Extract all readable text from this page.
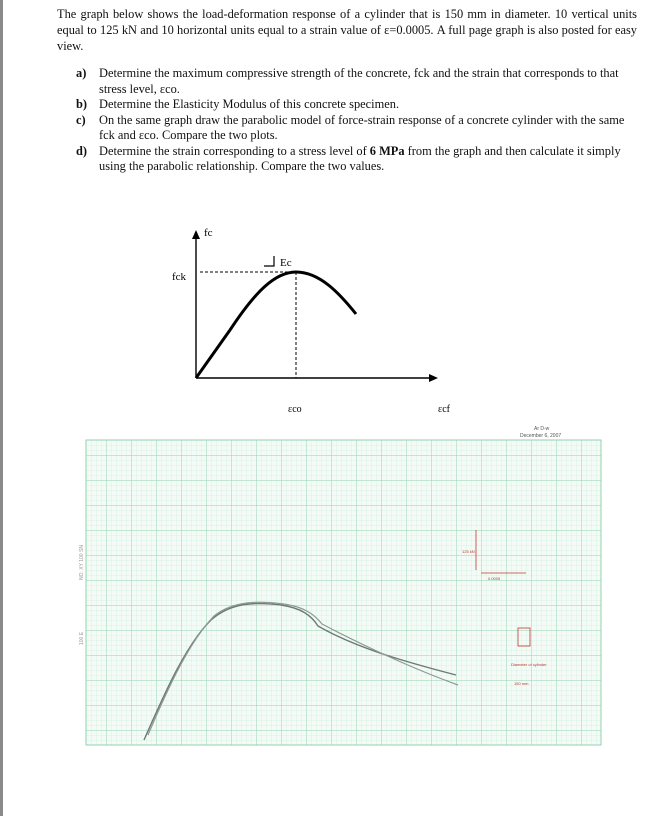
The graph below shows the load-deformation response of a cylinder that is 150 mm in diameter. 10 vertical units equal to 125 kN and 10 horizontal units equal to a strain value of ε=0.0005. A full page graph is also posted for easy view.

a) Determine the maximum compressive strength of the concrete, fck and the strain that corresponds to that stress level, εco.
b) Determine the Elasticity Modulus of this concrete specimen.
c) On the same graph draw the parabolic model of force-strain response of a concrete cylinder with the same fck and εco. Compare the two plots.
d) Determine the strain corresponding to a stress level of 6 MPa from the graph and then calculate it simply using the parabolic relationship. Compare the two values.
fc
fck
Ec
εco	εcf
Ar D-w
December 6, 2007
NO. XY 100 SN
100 E
125 kN
0.0005
Diameter of cylinder
150 mm
